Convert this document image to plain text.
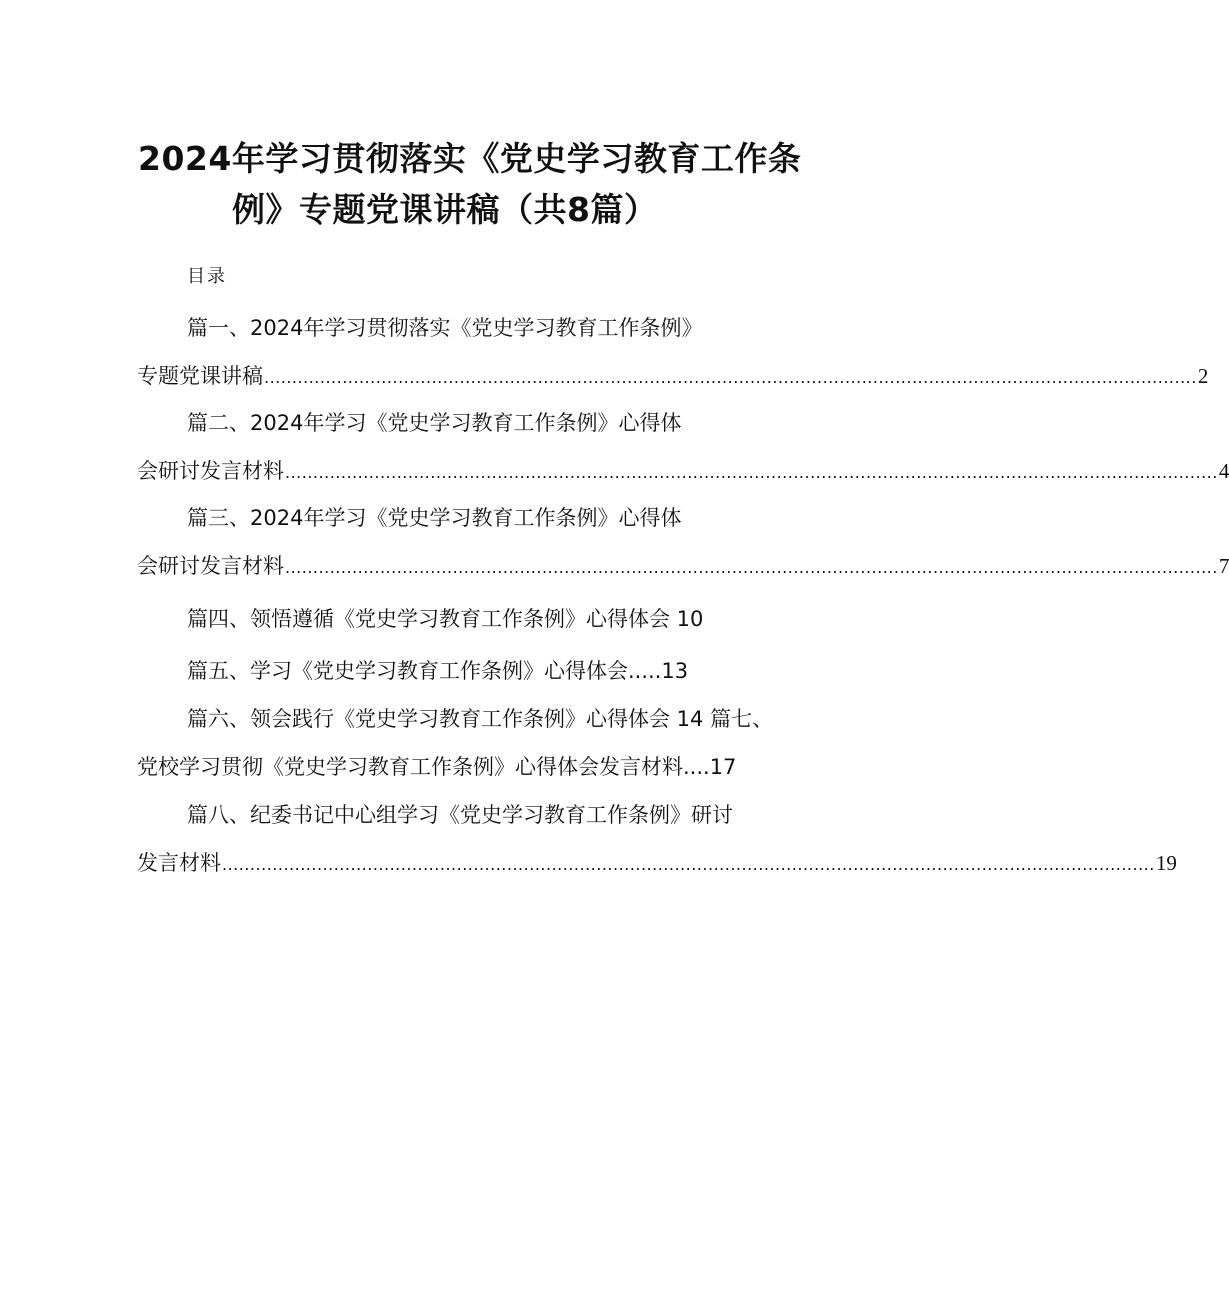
2024年学习贯彻落实《党史学习教育工作条
例》专题党课讲稿（共8篇）
目录
篇一、2024年学习贯彻落实《党史学习教育工作条例》
专题党课讲稿 ....................................................................................................................................................................... 2
篇二、2024年学习《党史学习教育工作条例》心得体
会研讨发言材料 ....................................................................................................................................................................... 4
篇三、2024年学习《党史学习教育工作条例》心得体
会研讨发言材料 ....................................................................................................................................................................... 7
篇四、领悟遵循《党史学习教育工作条例》心得体会 10
篇五、学习《党史学习教育工作条例》心得体会.....13
篇六、领会践行《党史学习教育工作条例》心得体会 14 篇七、
党校学习贯彻《党史学习教育工作条例》心得体会发言材料....17
篇八、纪委书记中心组学习《党史学习教育工作条例》研讨
发言材料 ....................................................................................................................................................................... 19
